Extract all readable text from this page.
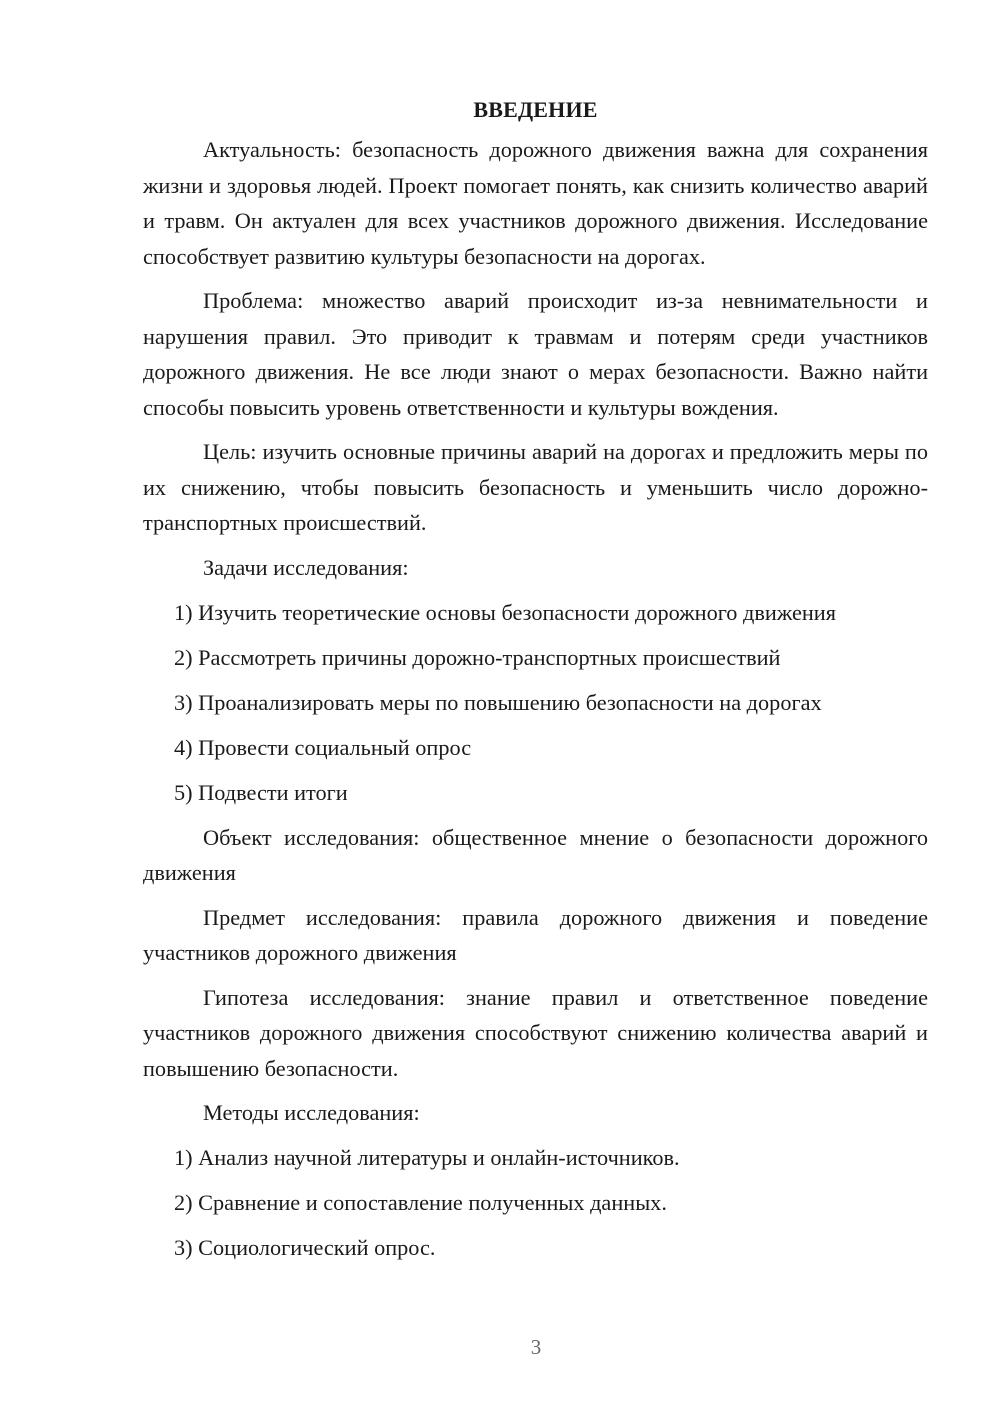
ВВЕДЕНИЕ

Актуальность: безопасность дорожного движения важна для сохранения жизни и здоровья людей. Проект помогает понять, как снизить количество аварий и травм. Он актуален для всех участников дорожного движения. Исследование способствует развитию культуры безопасности на дорогах.

Проблема: множество аварий происходит из-за невнимательности и нарушения правил. Это приводит к травмам и потерям среди участников дорожного движения. Не все люди знают о мерах безопасности. Важно найти способы повысить уровень ответственности и культуры вождения.

Цель: изучить основные причины аварий на дорогах и предложить меры по их снижению, чтобы повысить безопасность и уменьшить число дорожно-транспортных происшествий.

Задачи исследования:
1) Изучить теоретические основы безопасности дорожного движения
2) Рассмотреть причины дорожно-транспортных происшествий
3) Проанализировать меры по повышению безопасности на дорогах
4) Провести социальный опрос
5) Подвести итоги

Объект исследования: общественное мнение о безопасности дорожного движения

Предмет исследования: правила дорожного движения и поведение участников дорожного движения

Гипотеза исследования: знание правил и ответственное поведение участников дорожного движения способствуют снижению количества аварий и повышению безопасности.

Методы исследования:
1) Анализ научной литературы и онлайн-источников.
2) Сравнение и сопоставление полученных данных.
3) Социологический опрос.
3
